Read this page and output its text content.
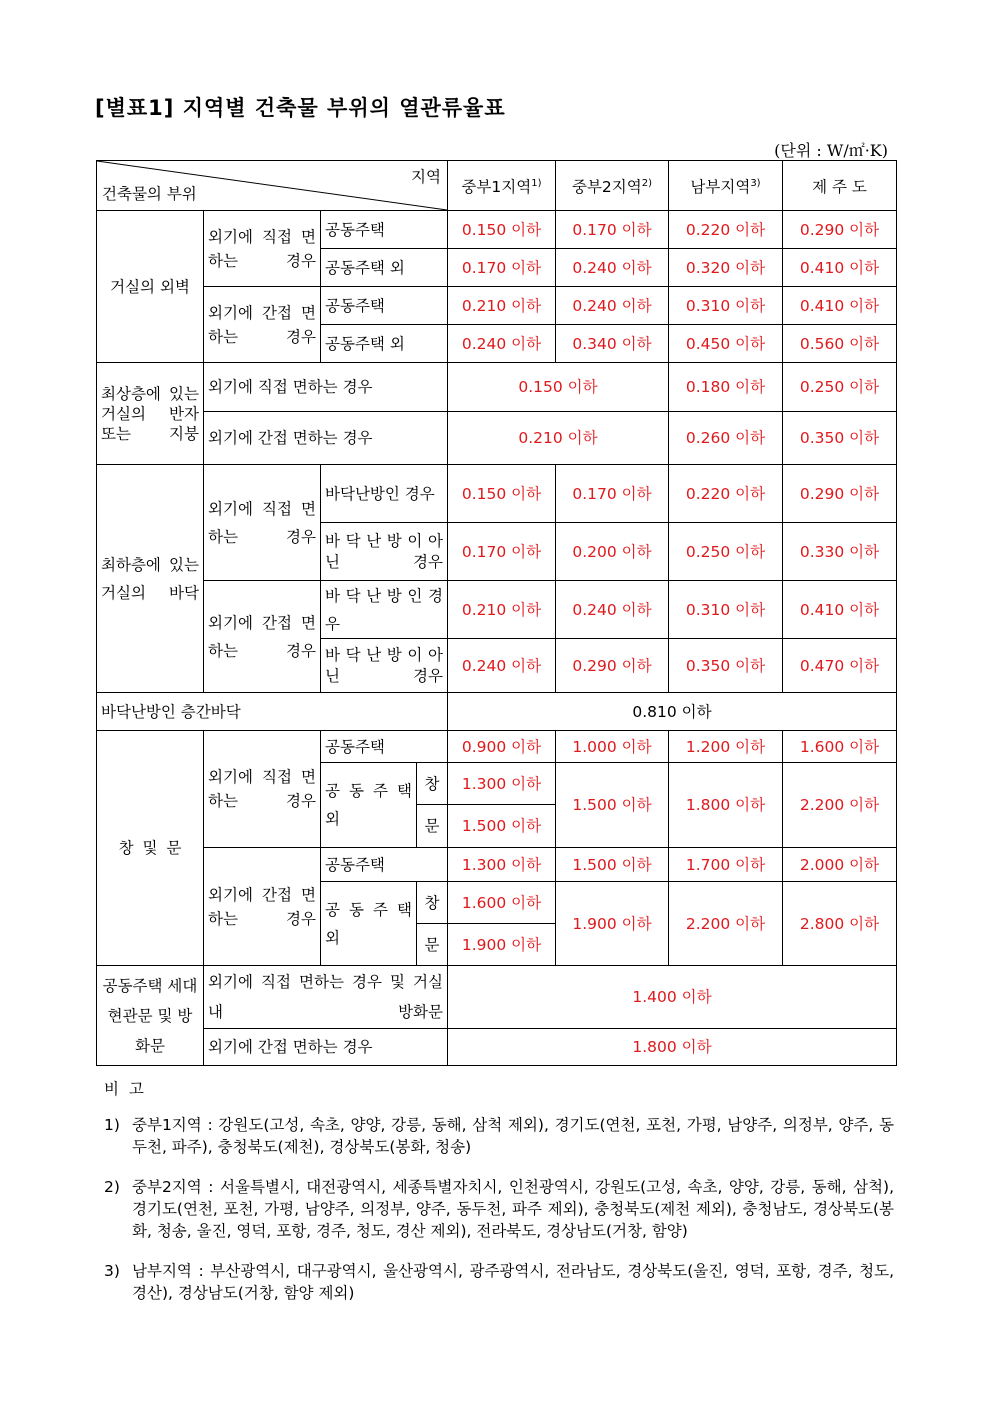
[별표1] 지역별 건축물 부위의 열관류율표
(단위 : W/㎡·K)
지역
건축물의 부위				중부1지역$^{1)}$	중부2지역$^{2)}$	남부지역$^{3)}$	제 주 도
거실의 외벽	외기에 직접 면하는 경우	공동주택		0.150 이하	0.170 이하	0.220 이하	0.290 이하
		공동주택 외		0.170 이하	0.240 이하	0.320 이하	0.410 이하
	외기에 간접 면하는 경우	공동주택		0.210 이하	0.240 이하	0.310 이하	0.410 이하
		공동주택 외		0.240 이하	0.340 이하	0.450 이하	0.560 이하
최상층에 있는 거실의 반자 또는 지붕	외기에 직접 면하는 경우			0.150 이하		0.180 이하	0.250 이하
	외기에 간접 면하는 경우			0.210 이하		0.260 이하	0.350 이하
최하층에 있는 거실의 바닥	외기에 직접 면하는 경우	바닥난방인 경우		0.150 이하	0.170 이하	0.220 이하	0.290 이하
		바 닥 난 방 이 아닌 경우		0.170 이하	0.200 이하	0.250 이하	0.330 이하
	외기에 간접 면하는 경우	바 닥 난 방 인 경우		0.210 이하	0.240 이하	0.310 이하	0.410 이하
		바 닥 난 방 이 아닌 경우		0.240 이하	0.290 이하	0.350 이하	0.470 이하
바닥난방인 층간바닥				0.810 이하			
창 및 문	외기에 직접 면하는 경우	공동주택		0.900 이하	1.000 이하	1.200 이하	1.600 이하
		공 동 주 택 외	창	1.300 이하	1.500 이하	1.800 이하	2.200 이하
			문	1.500 이하			
	외기에 간접 면하는 경우	공동주택		1.300 이하	1.500 이하	1.700 이하	2.000 이하
		공 동 주 택 외	창	1.600 이하	1.900 이하	2.200 이하	2.800 이하
			문	1.900 이하			
공동주택 세대현관문 및 방화문	외기에 직접 면하는 경우 및 거실 내 방화문			1.400 이하			
	외기에 간접 면하는 경우			1.800 이하			
비  고
1) 중부1지역 : 강원도(고성, 속초, 양양, 강릉, 동해, 삼척 제외), 경기도(연천, 포천, 가평, 남양주, 의정부, 양주, 동두천, 파주), 충청북도(제천), 경상북도(봉화, 청송)
2) 중부2지역 : 서울특별시, 대전광역시, 세종특별자치시, 인천광역시, 강원도(고성, 속초, 양양, 강릉, 동해, 삼척), 경기도(연천, 포천, 가평, 남양주, 의정부, 양주, 동두천, 파주 제외), 충청북도(제천 제외), 충청남도, 경상북도(봉화, 청송, 울진, 영덕, 포항, 경주, 청도, 경산 제외), 전라북도, 경상남도(거창, 함양)
3) 남부지역 : 부산광역시, 대구광역시, 울산광역시, 광주광역시, 전라남도, 경상북도(울진, 영덕, 포항, 경주, 청도, 경산), 경상남도(거창, 함양 제외)
